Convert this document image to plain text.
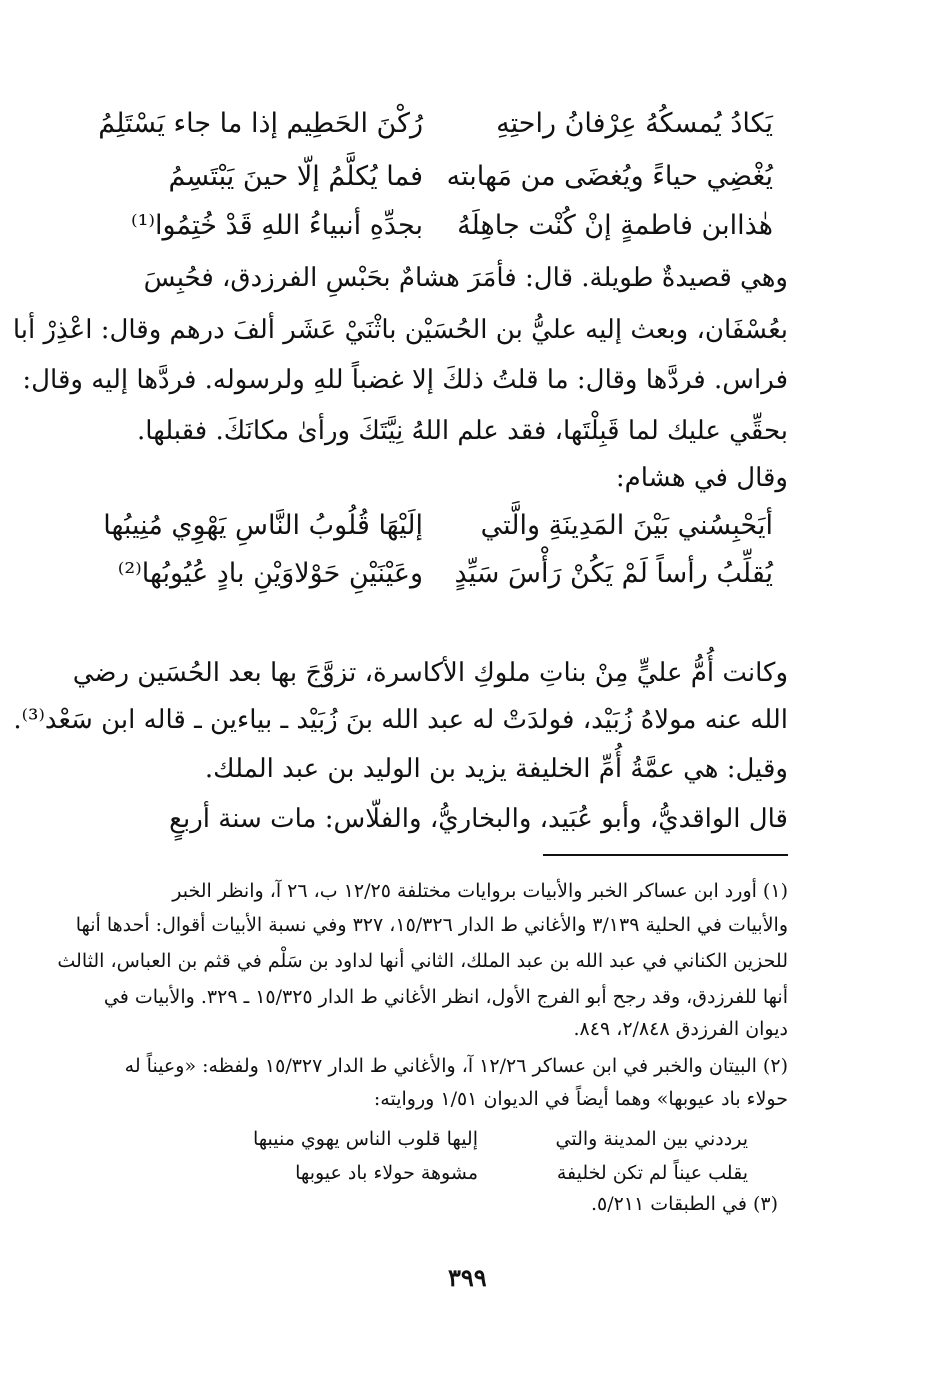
يَكادُ يُمسكُهُ عِرْفانُ راحتِهِ
رُكْنَ الحَطِيم إذا ما جاء يَسْتَلِمُ
يُغْضِي حياءً ويُغضَى من مَهابته
فما يُكلَّمُ إلّا حينَ يَبْتَسِمُ
هٰذاابن فاطمةٍ إنْ كُنْت جاهِلَهُ
بجدِّهِ أنبياءُ اللهِ قَدْ خُتِمُوا⁽¹⁾
وهي قصيدةٌ طويلة. قال: فأمَرَ هشامٌ بحَبْسِ الفرزدق، فحُبِسَ
بعُسْفَان، وبعث إليه عليُّ بن الحُسَيْن باثْنَيْ عَشَر ألفَ درهم وقال: اعْذِرْ أبا
فراس. فردَّها وقال: ما قلتُ ذلكَ إلا غضباً للهِ ولرسوله. فردَّها إليه وقال:
بحقِّي عليك لما قَبِلْتَها، فقد علم اللهُ نِيَّتَكَ ورأىٰ مكانَكَ. فقبلها.
وقال في هشام:
أيَحْبِسُني بَيْنَ المَدِينَةِ والَّتي
إلَيْهَا قُلُوبُ النَّاسِ يَهْوِي مُنِيبُها
يُقلِّبُ رأساً لَمْ يَكُنْ رَأْسَ سَيِّدٍ
وعَيْنَيْنِ حَوْلاوَيْنِ بادٍ عُيُوبُها⁽²⁾
وكانت أُمُّ عليٍّ مِنْ بناتِ ملوكِ الأكاسرة، تزوَّجَ بها بعد الحُسَين رضي
الله عنه مولاهُ زُبَيْد، فولدَتْ له عبد الله بنَ زُبَيْد ـ بياءين ـ قاله ابن سَعْد⁽³⁾.
وقيل: هي عمَّةُ أُمِّ الخليفة يزيد بن الوليد بن عبد الملك.
قال الواقديُّ، وأبو عُبَيد، والبخاريُّ، والفلّاس: مات سنة أربعٍ
(١) أورد ابن عساكر الخبر والأبيات بروايات مختلفة ١٢/٢٥ ب، ٢٦ آ، وانظر الخبر
والأبيات في الحلية ٣/١٣٩ والأغاني ط الدار ١٥/٣٢٦، ٣٢٧ وفي نسبة الأبيات أقوال: أحدها أنها
للحزين الكناني في عبد الله بن عبد الملك، الثاني أنها لداود بن سَلْم في قثم بن العباس، الثالث
أنها للفرزدق، وقد رجح أبو الفرج الأول، انظر الأغاني ط الدار ١٥/٣٢٥ ـ ٣٢٩. والأبيات في
ديوان الفرزدق ٢/٨٤٨، ٨٤٩.
(٢) البيتان والخبر في ابن عساكر ١٢/٢٦ آ، والأغاني ط الدار ١٥/٣٢٧ ولفظه: «وعيناً له
حولاء باد عيوبها» وهما أيضاً في الديوان ١/٥١ وروايته:
يرددني بين المدينة والتي
إليها قلوب الناس يهوي منيبها
يقلب عيناً لم تكن لخليفة
مشوهة حولاء باد عيوبها
(٣) في الطبقات ٥/٢١١.
٣٩٩
